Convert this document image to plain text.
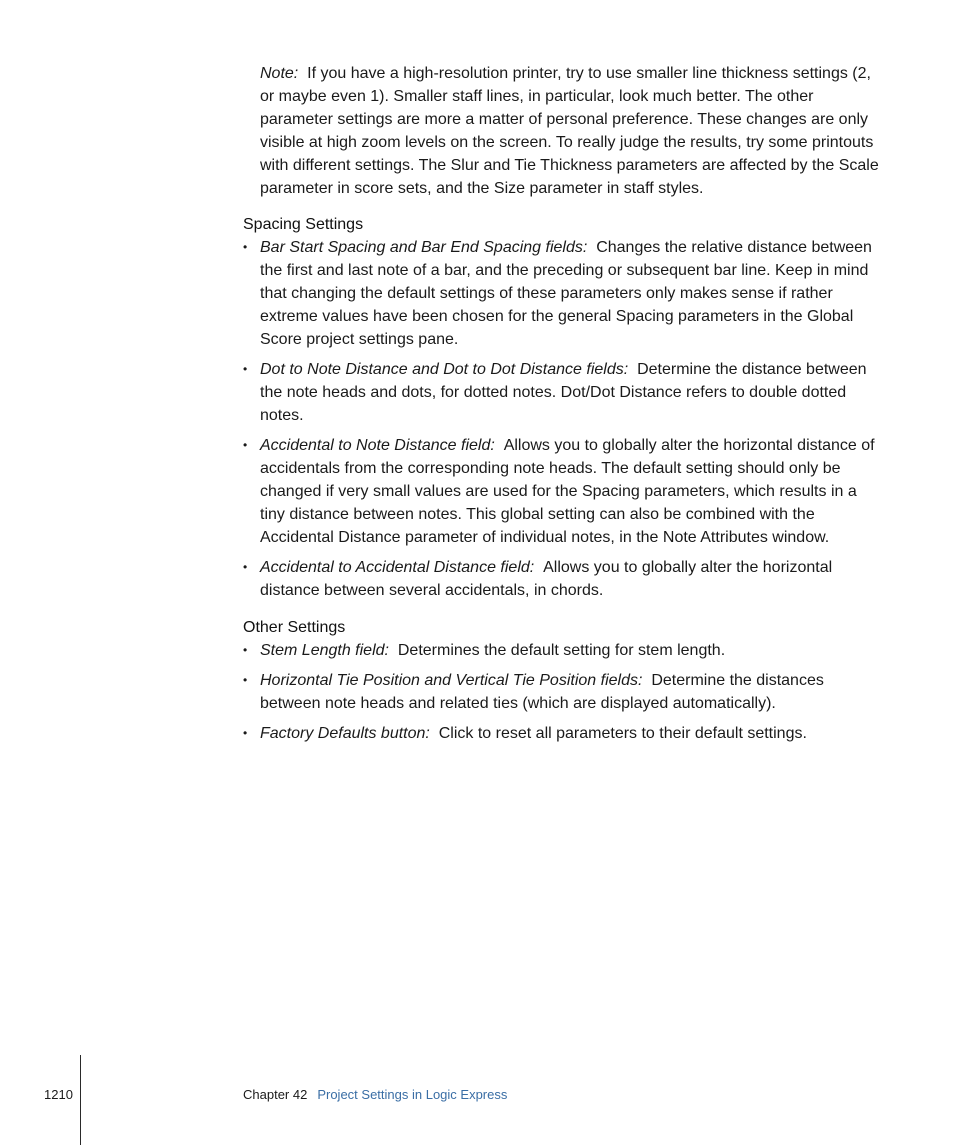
Note: If you have a high-resolution printer, try to use smaller line thickness settings (2, or maybe even 1). Smaller staff lines, in particular, look much better. The other parameter settings are more a matter of personal preference. These changes are only visible at high zoom levels on the screen. To really judge the results, try some printouts with different settings. The Slur and Tie Thickness parameters are affected by the Scale parameter in score sets, and the Size parameter in staff styles.

Spacing Settings
• Bar Start Spacing and Bar End Spacing fields: Changes the relative distance between the first and last note of a bar, and the preceding or subsequent bar line. Keep in mind that changing the default settings of these parameters only makes sense if rather extreme values have been chosen for the general Spacing parameters in the Global Score project settings pane.
• Dot to Note Distance and Dot to Dot Distance fields: Determine the distance between the note heads and dots, for dotted notes. Dot/Dot Distance refers to double dotted notes.
• Accidental to Note Distance field: Allows you to globally alter the horizontal distance of accidentals from the corresponding note heads. The default setting should only be changed if very small values are used for the Spacing parameters, which results in a tiny distance between notes. This global setting can also be combined with the Accidental Distance parameter of individual notes, in the Note Attributes window.
• Accidental to Accidental Distance field: Allows you to globally alter the horizontal distance between several accidentals, in chords.
Other Settings
• Stem Length field: Determines the default setting for stem length.
• Horizontal Tie Position and Vertical Tie Position fields: Determine the distances between note heads and related ties (which are displayed automatically).
• Factory Defaults button: Click to reset all parameters to their default settings.
1210	Chapter 42 Project Settings in Logic Express
